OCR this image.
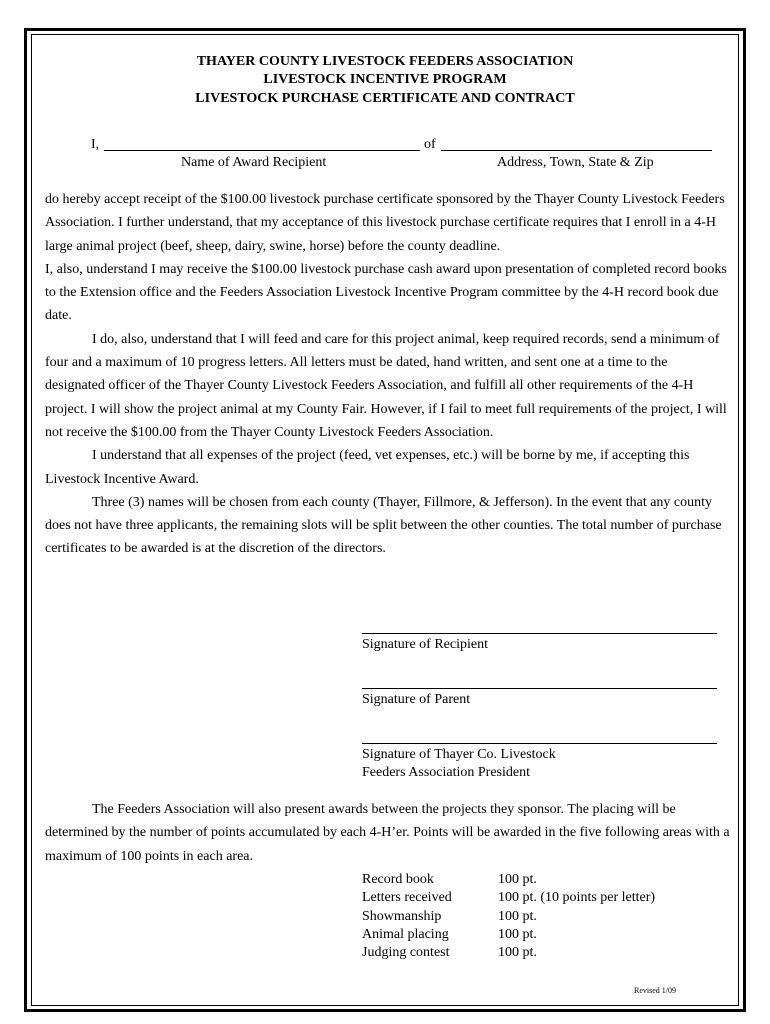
THAYER COUNTY LIVESTOCK FEEDERS ASSOCIATION
LIVESTOCK INCENTIVE PROGRAM
LIVESTOCK PURCHASE CERTIFICATE AND CONTRACT
I,	of
Name of Award Recipient	Address, Town, State & Zip

do hereby accept receipt of the $100.00 livestock purchase certificate sponsored by the Thayer County Livestock Feeders Association. I further understand, that my acceptance of this livestock purchase certificate requires that I enroll in a 4-H large animal project (beef, sheep, dairy, swine, horse) before the county deadline.

I, also, understand I may receive the $100.00 livestock purchase cash award upon presentation of completed record books to the Extension office and the Feeders Association Livestock Incentive Program committee by the 4-H record book due date.

I do, also, understand that I will feed and care for this project animal, keep required records, send a minimum of four and a maximum of 10 progress letters. All letters must be dated, hand written, and sent one at a time to the designated officer of the Thayer County Livestock Feeders Association, and fulfill all other requirements of the 4-H project. I will show the project animal at my County Fair. However, if I fail to meet full requirements of the project, I will not receive the $100.00 from the Thayer County Livestock Feeders Association.

I understand that all expenses of the project (feed, vet expenses, etc.) will be borne by me, if accepting this Livestock Incentive Award.

Three (3) names will be chosen from each county (Thayer, Fillmore, & Jefferson). In the event that any county does not have three applicants, the remaining slots will be split between the other counties. The total number of purchase certificates to be awarded is at the discretion of the directors.

Signature of Recipient
Signature of Parent
Signature of Thayer Co. Livestock
Feeders Association President

The Feeders Association will also present awards between the projects they sponsor. The placing will be determined by the number of points accumulated by each 4-H’er. Points will be awarded in the five following areas with a maximum of 100 points in each area.

Record book	100 pt.
Letters received	100 pt. (10 points per letter)
Showmanship	100 pt.
Animal placing	100 pt.
Judging contest	100 pt.
Revised 1/09
